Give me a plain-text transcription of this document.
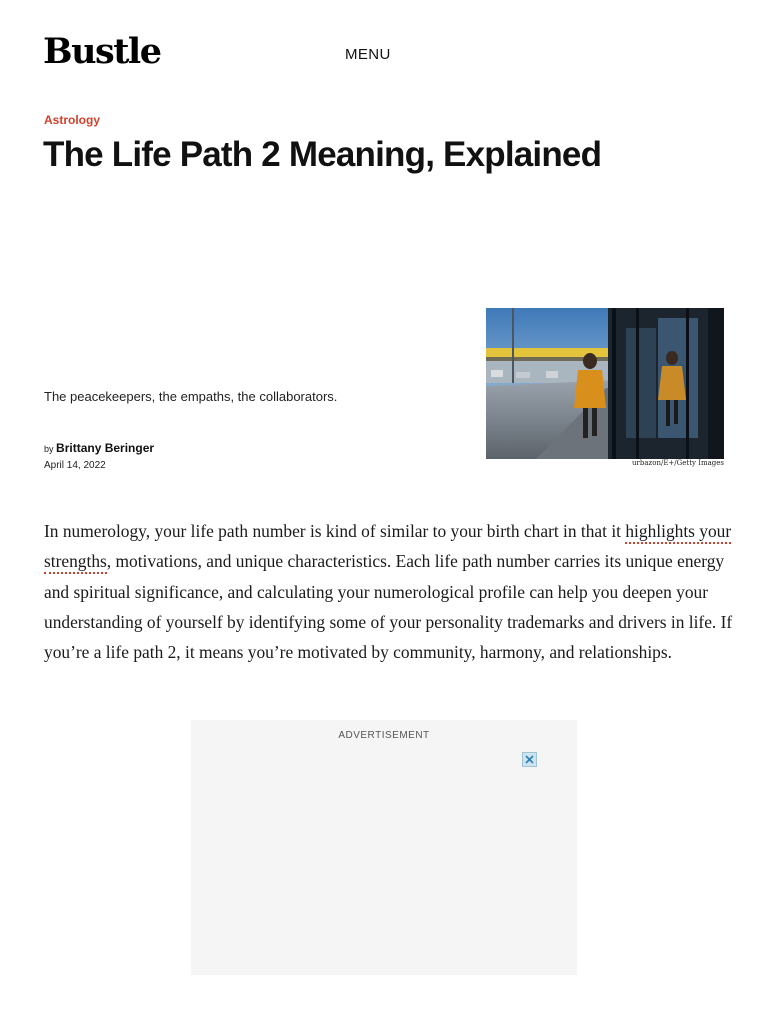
Bustle	MENU
Astrology
The Life Path 2 Meaning, Explained
The peacekeepers, the empaths, the collaborators.
by Brittany Beringer
April 14, 2022	urbazon/E+/Getty Images

In numerology, your life path number is kind of similar to your birth chart in that it highlights your strengths, motivations, and unique characteristics. Each life path number carries its unique energy and spiritual significance, and calculating your numerological profile can help you deepen your understanding of yourself by identifying some of your personality trademarks and drivers in life. If you’re a life path 2, it means you’re motivated by community, harmony, and relationships.

ADVERTISEMENT
